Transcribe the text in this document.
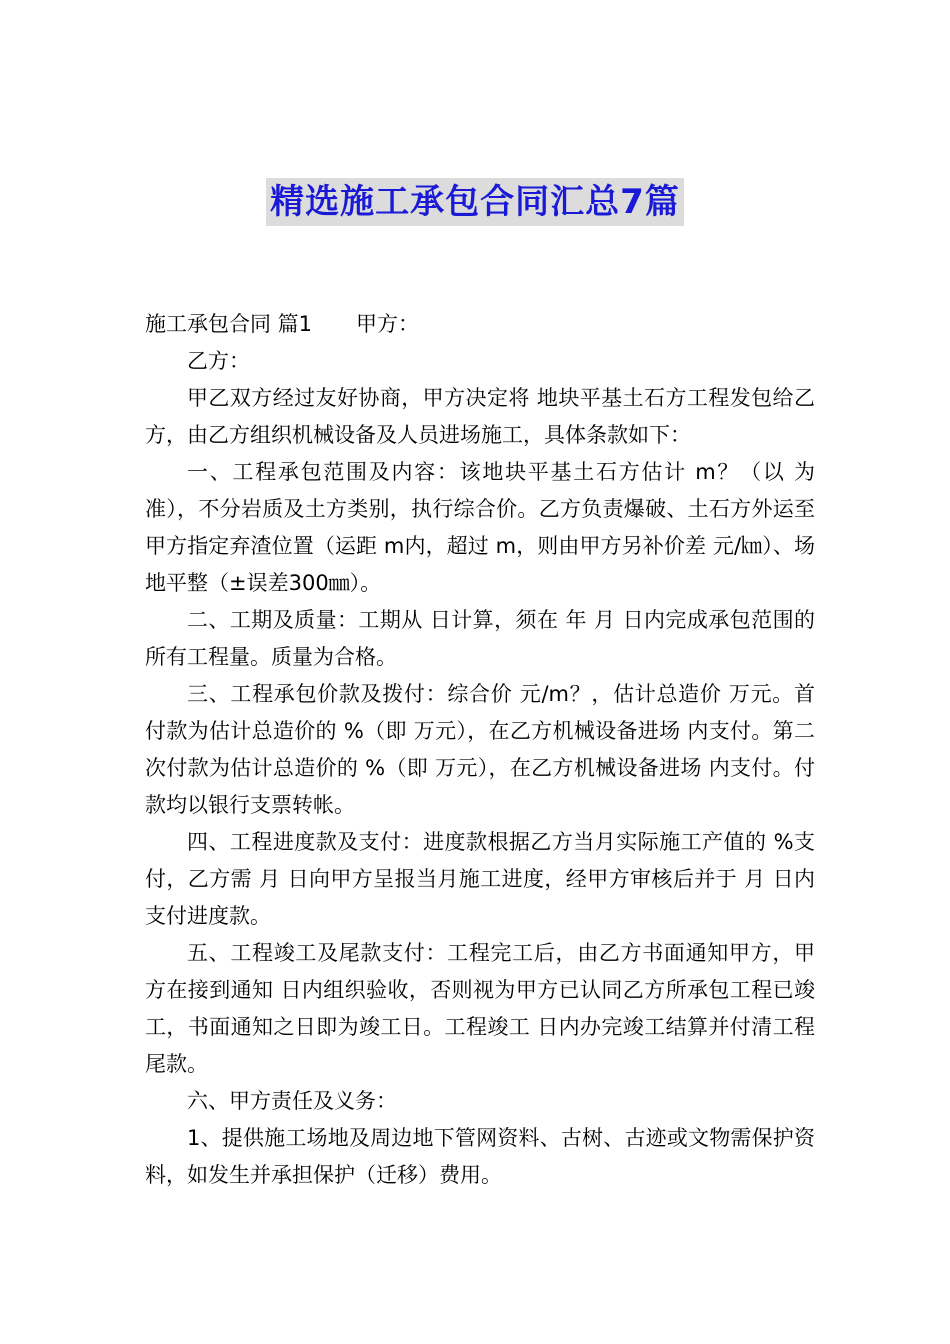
精选施工承包合同汇总7篇

施工承包合同 篇1 甲方：

乙方：

甲乙双方经过友好协商，甲方决定将 地块平基土石方工程发包给乙方，由乙方组织机械设备及人员进场施工，具体条款如下：

一、工程承包范围及内容：该地块平基土石方估计 m？（以 为准），不分岩质及土方类别，执行综合价。乙方负责爆破、土石方外运至甲方指定弃渣位置（运距 m内，超过 m，则由甲方另补价差 元/㎞）、场地平整（±误差300㎜）。

二、工期及质量：工期从 日计算，须在 年 月 日内完成承包范围的所有工程量。质量为合格。

三、工程承包价款及拨付：综合价 元/m？，估计总造价 万元。首付款为估计总造价的 %（即 万元），在乙方机械设备进场 内支付。第二次付款为估计总造价的 %（即 万元），在乙方机械设备进场 内支付。付款均以银行支票转帐。

四、工程进度款及支付：进度款根据乙方当月实际施工产值的 %支付，乙方需 月 日向甲方呈报当月施工进度，经甲方审核后并于 月 日内支付进度款。

五、工程竣工及尾款支付：工程完工后，由乙方书面通知甲方，甲方在接到通知 日内组织验收，否则视为甲方已认同乙方所承包工程已竣工，书面通知之日即为竣工日。工程竣工 日内办完竣工结算并付清工程尾款。

六、甲方责任及义务：

1、提供施工场地及周边地下管网资料、古树、古迹或文物需保护资料，如发生并承担保护（迁移）费用。
